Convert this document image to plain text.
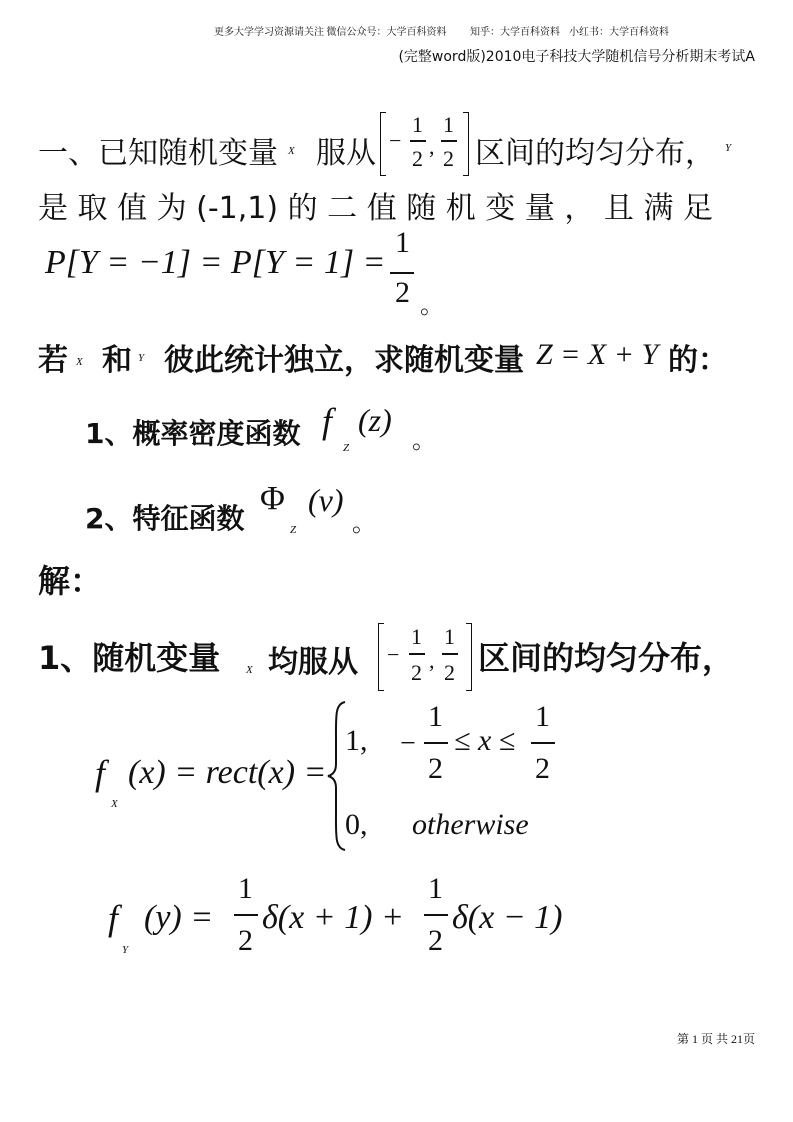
更多大学学习资源请关注 微信公众号：大学百科资料 知乎：大学百科资料 小红书：大学百科资料
(完整word版)2010电子科技大学随机信号分析期末考试A
一、已知随机变量 X 服从 −
1
2 ,
1
2 区间的均匀分布， Y
是 取 值 为 (-1,1) 的 二 值 随 机 变 量 ， 且 满 足
P[Y = −1] = P[Y = 1] =
1
2 。
若 X 和 Y 彼此统计独立，求随机变量 Z = X + Y 的：
1、概率密度函数 f (z)
Z	。
2、特征函数
Φ (v)
Z 。
解：
1、随机变量 X 均服从 −
1
2 ,
1
2 区间的均匀分布，
f
X
(x) = rect(x) =
1, −
1
2
≤ x ≤
1
2
0, otherwise
f
Y
(y) =
1
2
δ(x + 1) +
1
2
δ(x − 1)
第 1 页 共 21页
